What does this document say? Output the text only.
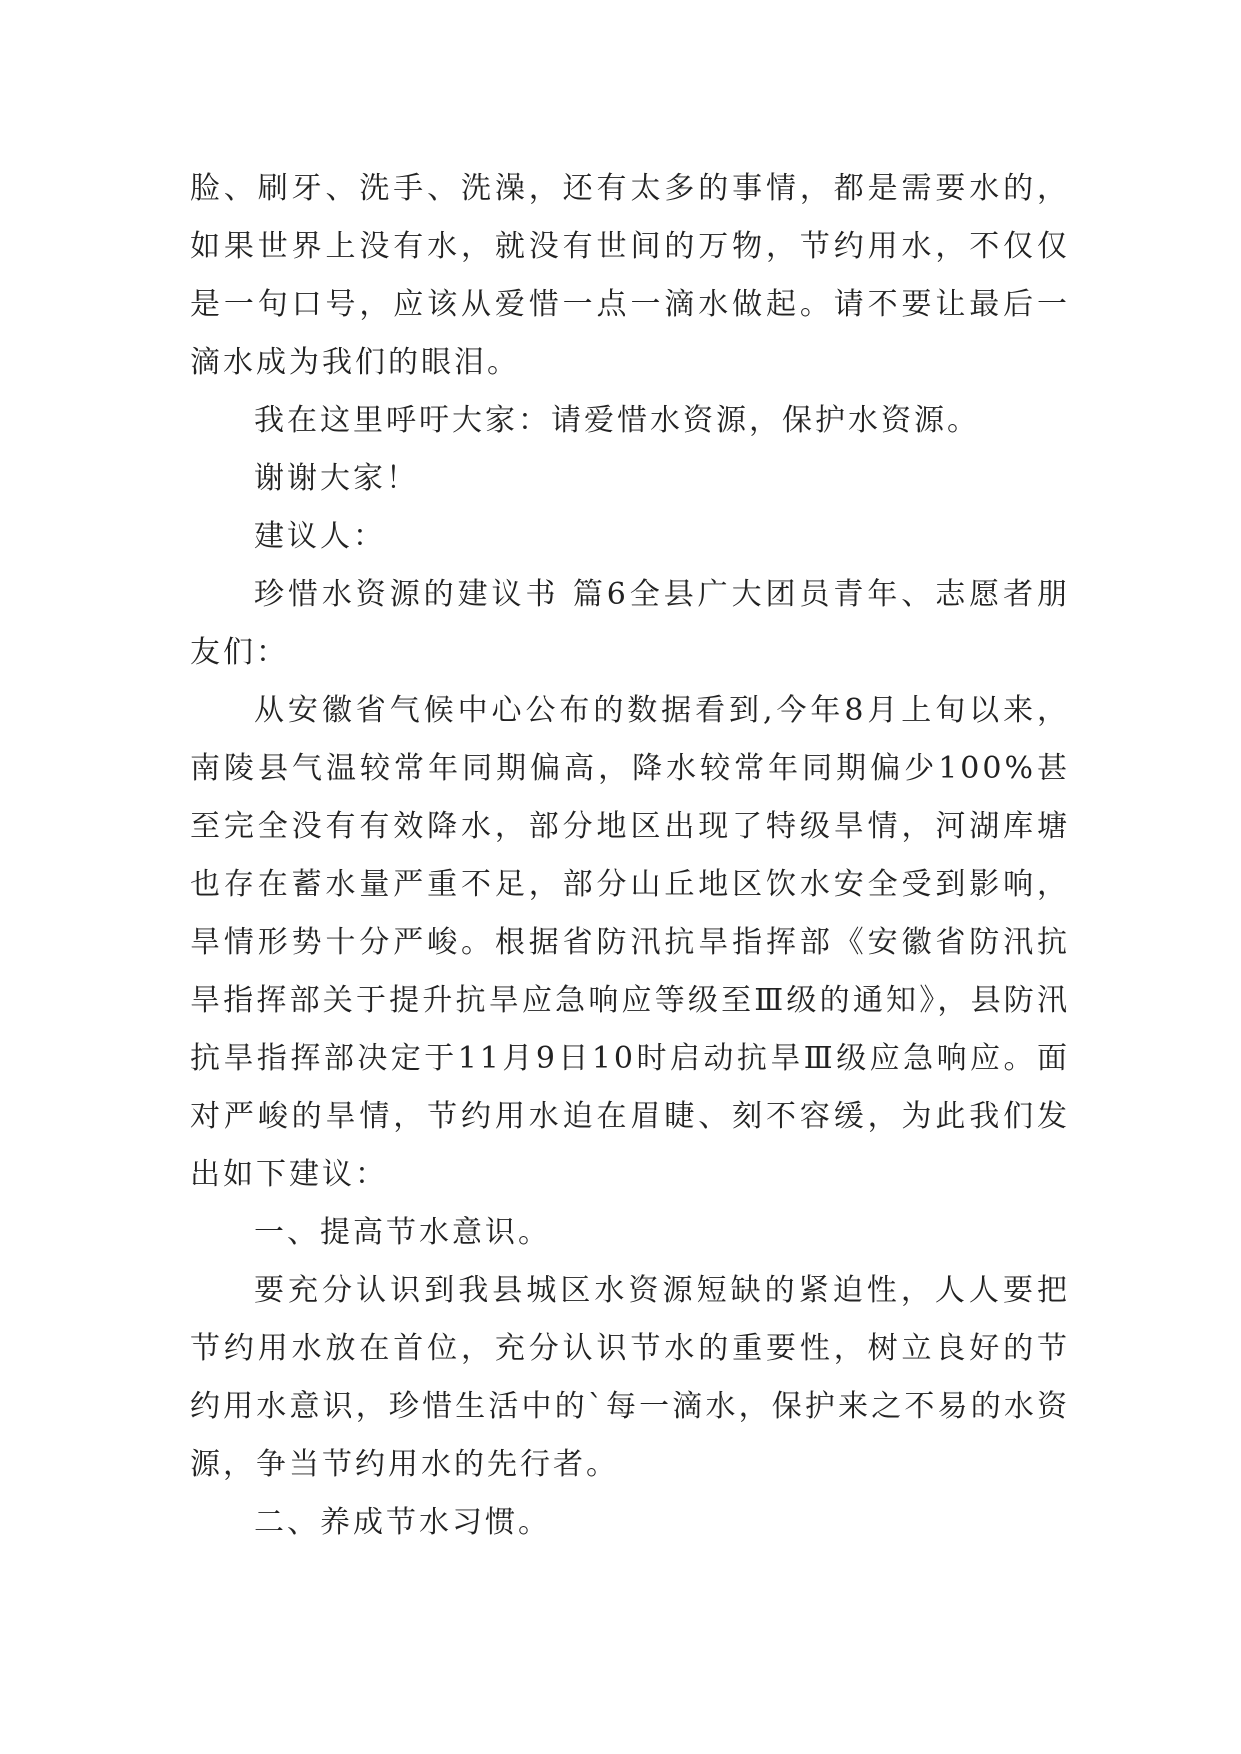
脸、刷牙、洗手、洗澡，还有太多的事情，都是需要水的，如果世界上没有水，就没有世间的万物，节约用水，不仅仅是一句口号，应该从爱惜一点一滴水做起。请不要让最后一滴水成为我们的眼泪。

我在这里呼吁大家：请爱惜水资源，保护水资源。

谢谢大家！

建议人：

珍惜水资源的建议书 篇6全县广大团员青年、志愿者朋友们：

从安徽省气候中心公布的数据看到,今年8月上旬以来，南陵县气温较常年同期偏高，降水较常年同期偏少100%甚至完全没有有效降水，部分地区出现了特级旱情，河湖库塘也存在蓄水量严重不足，部分山丘地区饮水安全受到影响，旱情形势十分严峻。根据省防汛抗旱指挥部《安徽省防汛抗旱指挥部关于提升抗旱应急响应等级至Ⅲ级的通知》，县防汛抗旱指挥部决定于11月9日10时启动抗旱Ⅲ级应急响应。面对严峻的旱情，节约用水迫在眉睫、刻不容缓，为此我们发出如下建议：

一、提高节水意识。

要充分认识到我县城区水资源短缺的紧迫性，人人要把节约用水放在首位，充分认识节水的重要性，树立良好的节约用水意识，珍惜生活中的`每一滴水，保护来之不易的水资源，争当节约用水的先行者。

二、养成节水习惯。
